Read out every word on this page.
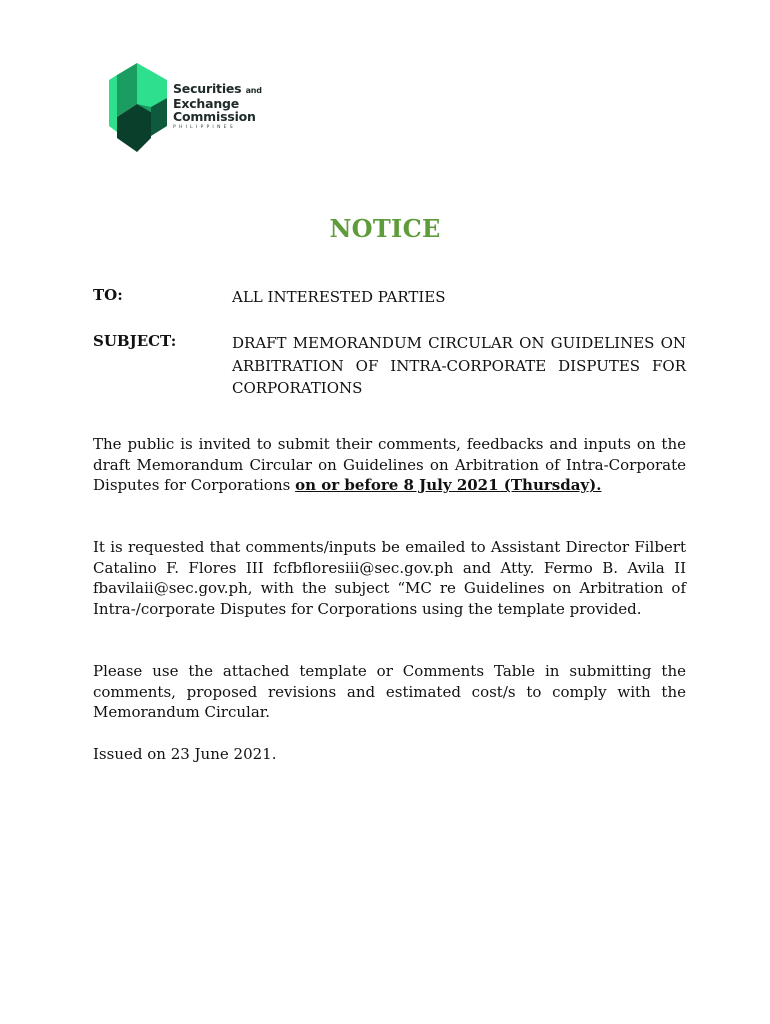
Securities and
Exchange
Commission
PHILIPPINES
NOTICE
TO:	ALL INTERESTED PARTIES
SUBJECT:	DRAFT MEMORANDUM CIRCULAR ON GUIDELINES ON ARBITRATION OF INTRA-CORPORATE DISPUTES FOR CORPORATIONS
The public is invited to submit their comments, feedbacks and inputs on the draft Memorandum Circular on Guidelines on Arbitration of Intra-Corporate Disputes for Corporations on or before 8 July 2021 (Thursday).
It is requested that comments/inputs be emailed to Assistant Director Filbert Catalino F. Flores III fcfbfloresiii@sec.gov.ph and Atty. Fermo B. Avila II fbavilaii@sec.gov.ph, with the subject “MC re Guidelines on Arbitration of Intra-/corporate Disputes for Corporations using the template provided.
Please use the attached template or Comments Table in submitting the comments, proposed revisions and estimated cost/s to comply with the Memorandum Circular.
Issued on 23 June 2021.
